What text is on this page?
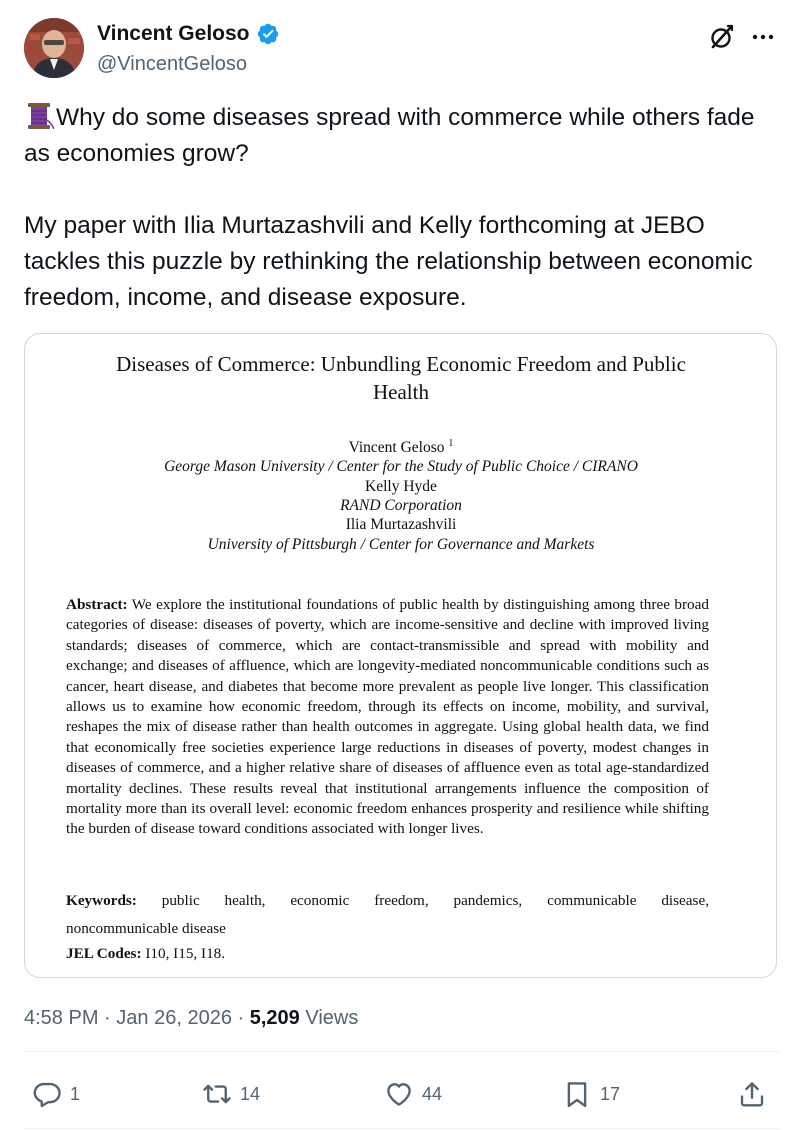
Vincent Geloso
@VincentGeloso

Why do some diseases spread with commerce while others fade as economies grow?

My paper with Ilia Murtazashvili and Kelly forthcoming at JEBO tackles this puzzle by rethinking the relationship between economic freedom, income, and disease exposure.

Diseases of Commerce: Unbundling Economic Freedom and Public
Health
Vincent Geloso $^1$
George Mason University / Center for the Study of Public Choice / CIRANO
Kelly Hyde
RAND Corporation
Ilia Murtazashvili
University of Pittsburgh / Center for Governance and Markets
Abstract: We explore the institutional foundations of public health by distinguishing among three broad categories of disease: diseases of poverty, which are income-sensitive and decline with improved living standards; diseases of commerce, which are contact-transmissible and spread with mobility and exchange; and diseases of affluence, which are longevity-mediated noncommunicable conditions such as cancer, heart disease, and diabetes that become more prevalent as people live longer. This classification allows us to examine how economic freedom, through its effects on income, mobility, and survival, reshapes the mix of disease rather than health outcomes in aggregate. Using global health data, we find that economically free societies experience large reductions in diseases of poverty, modest changes in diseases of commerce, and a higher relative share of diseases of affluence even as total age-standardized mortality declines. These results reveal that institutional arrangements influence the composition of mortality more than its overall level: economic freedom enhances prosperity and resilience while shifting the burden of disease toward conditions associated with longer lives.
Keywords: public health, economic freedom, pandemics, communicable disease,
noncommunicable disease
JEL Codes: I10, I15, I18.
4:58 PM · Jan 26, 2026 · 5,209 Views
1	14	44	17
